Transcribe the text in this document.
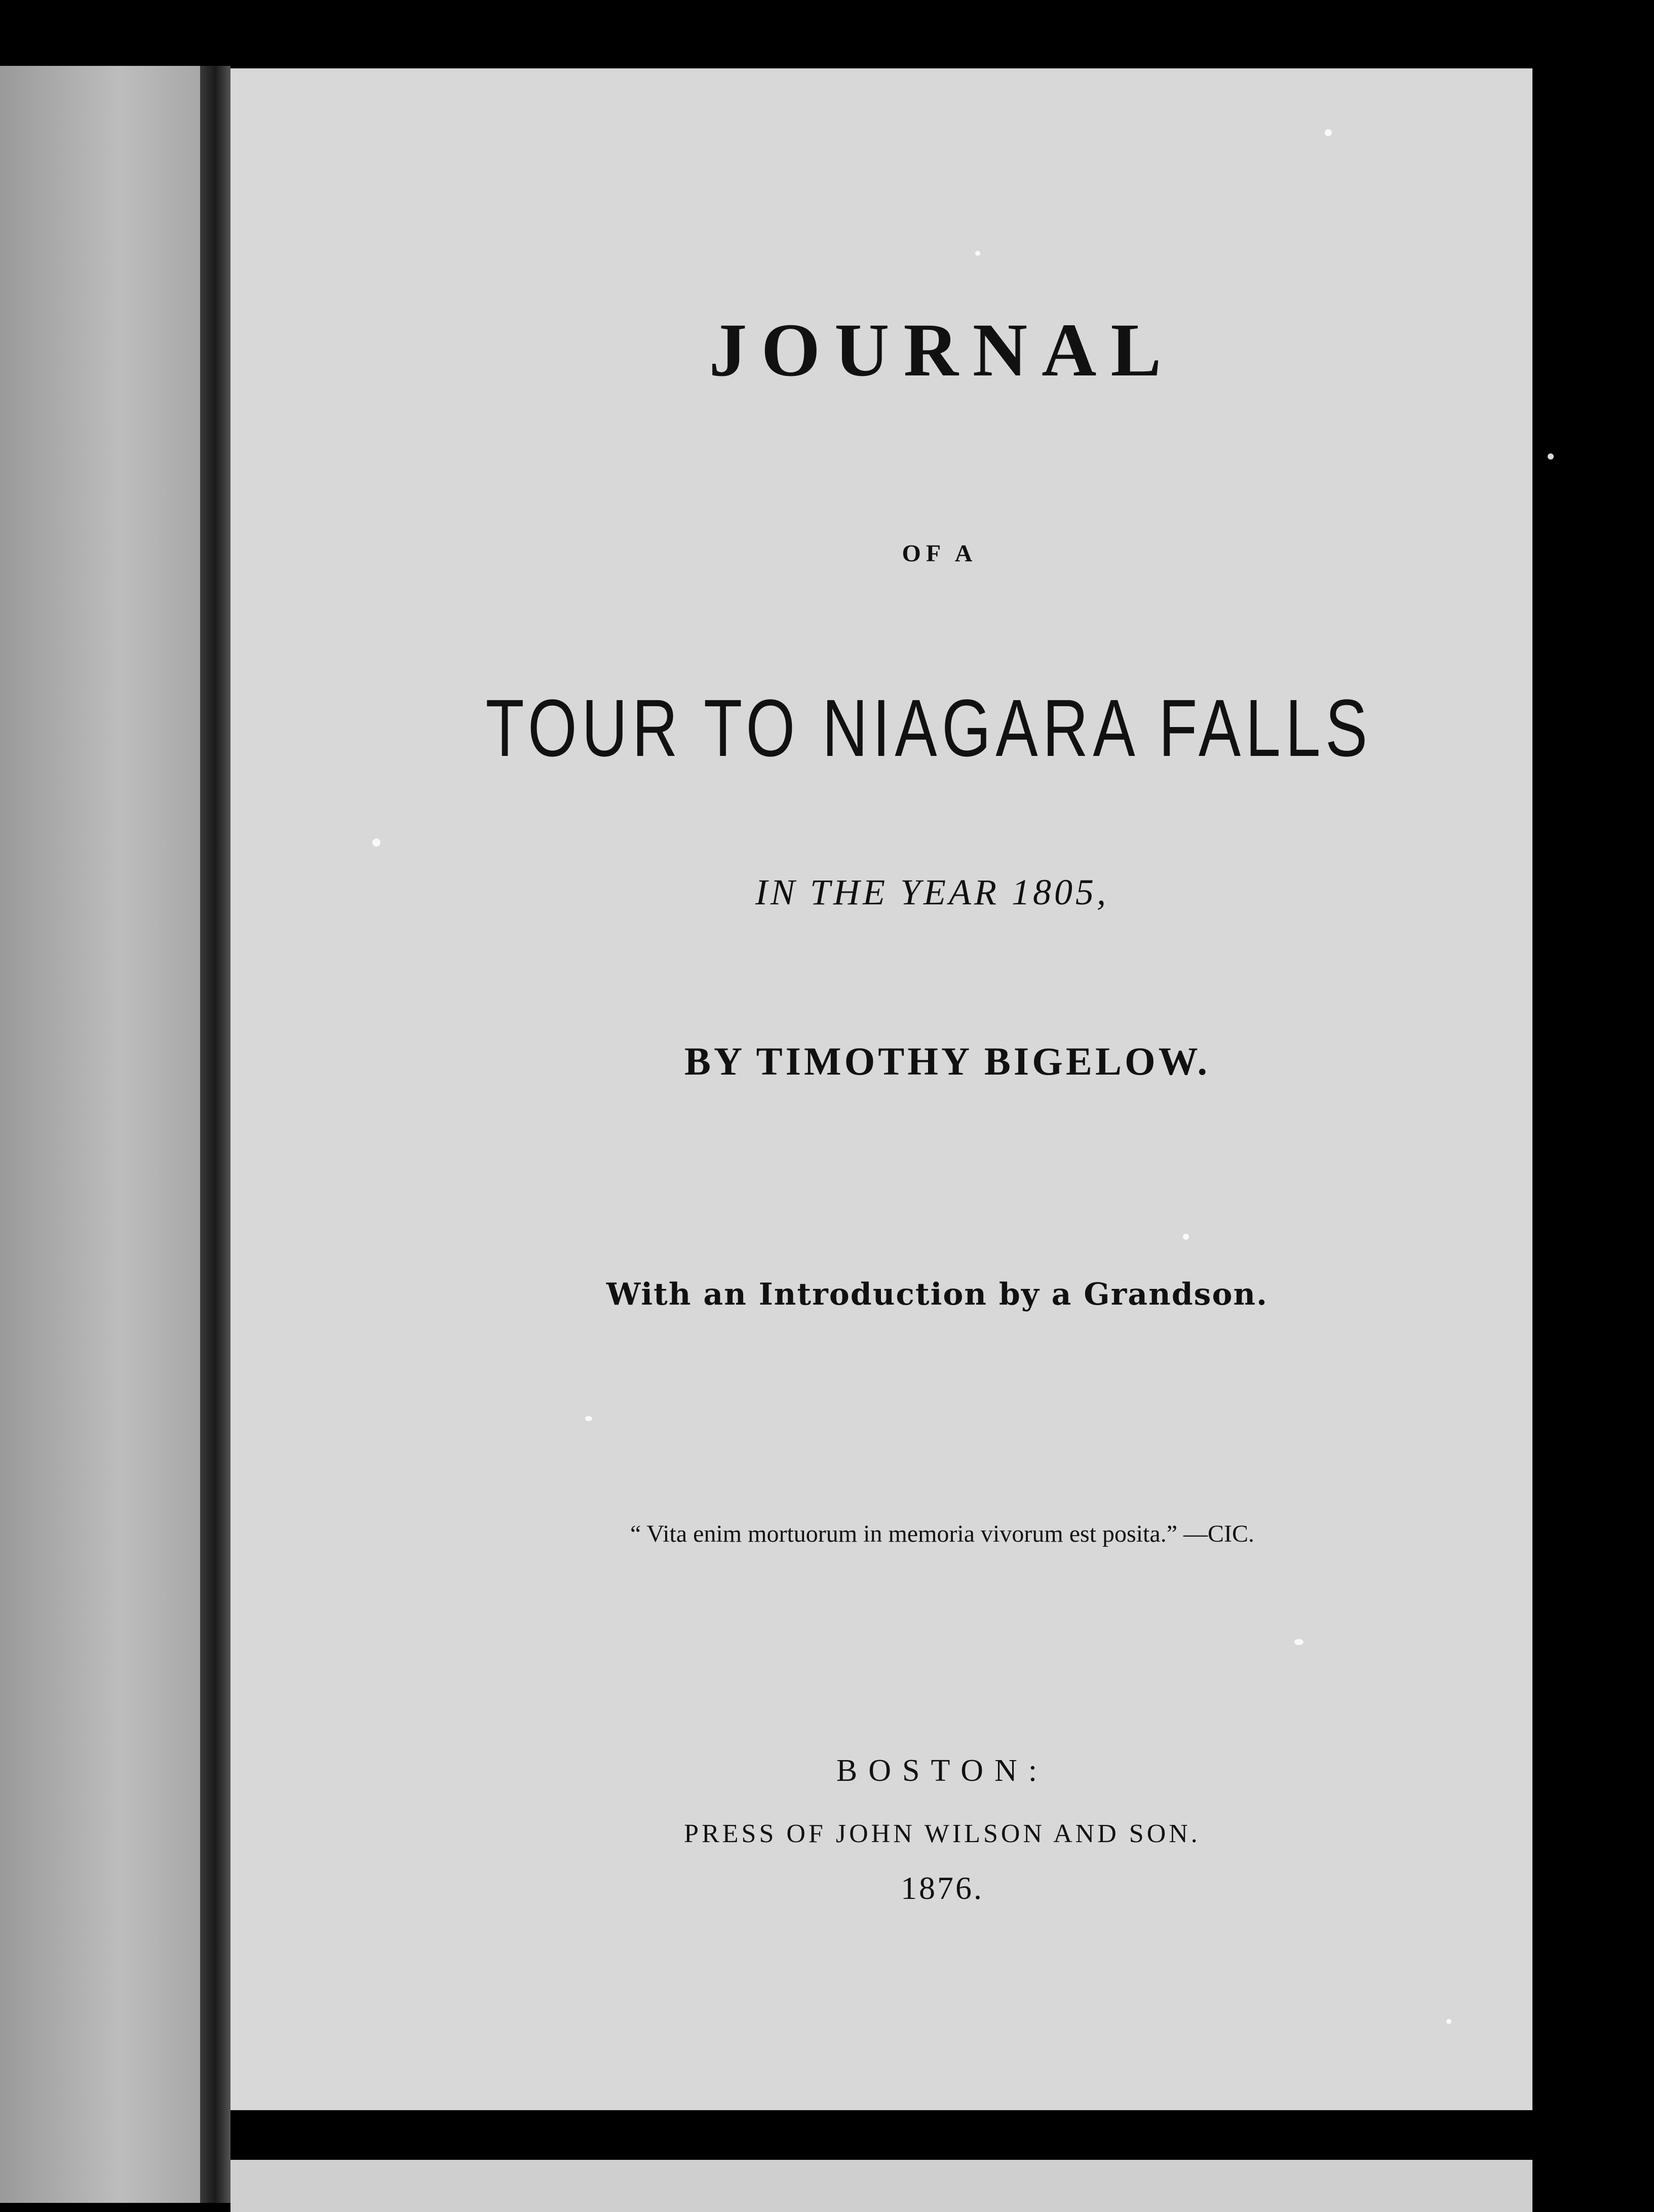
JOURNAL
OF A
TOUR TO NIAGARA FALLS
IN THE YEAR 1805,
BY TIMOTHY BIGELOW.
With an Introduction by a Grandson.
“ Vita enim mortuorum in memoria vivorum est posita.” —CIC.
BOSTON:
PRESS OF JOHN WILSON AND SON.
1876.
